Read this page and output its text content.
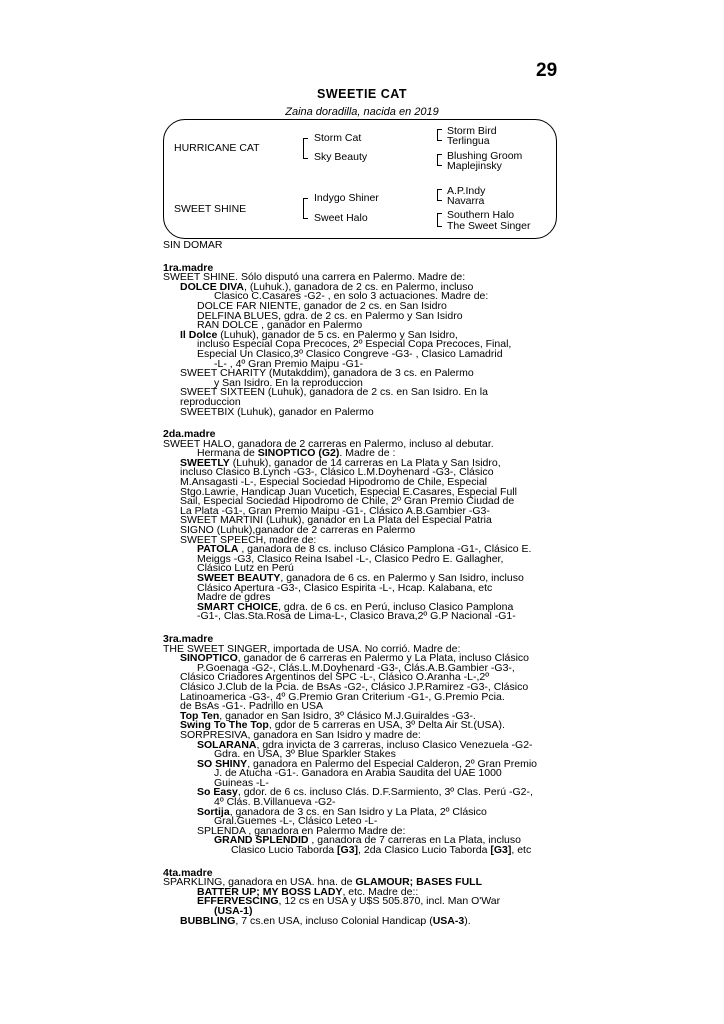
29
SWEETIE CAT
Zaina doradilla, nacida en 2019
HURRICANE CAT
SWEET SHINE
Storm Cat
Sky Beauty
Indygo Shiner
Sweet Halo
Storm Bird
Terlingua
Blushing Groom
Maplejinsky
A.P.Indy
Navarra
Southern Halo
The Sweet Singer
SIN DOMAR
1ra.madre
SWEET SHINE. Sólo disputó una carrera en Palermo. Madre de:
DOLCE DIVA, (Luhuk.), ganadora de 2 cs. en Palermo, incluso
Clasico C.Casares -G2- , en solo 3 actuaciones. Madre de:
DOLCE FAR NIENTE, ganador de 2 cs. en San Isidro
DELFINA BLUES, gdra. de 2 cs. en Palermo y San Isidro
RAN DOLCE , ganador en Palermo
Il Dolce (Luhuk), ganador de 5 cs. en Palermo y San Isidro,
incluso Especial Copa Precoces, 2º Especial Copa Precoces, Final,
Especial Un Clasico,3º Clasico Congreve -G3- , Clasico Lamadrid
-L- , 4º Gran Premio Maipu -G1-
SWEET CHARITY (Mutakddim), ganadora de 3 cs. en Palermo
y San Isidro. En la reproduccion
SWEET SIXTEEN (Luhuk), ganadora de 2 cs. en San Isidro. En la
reproduccion
SWEETBIX (Luhuk), ganador en Palermo
2da.madre
SWEET HALO, ganadora de 2 carreras en Palermo, incluso al debutar.
Hermana de SINOPTICO (G2). Madre de :
SWEETLY (Luhuk), ganador de 14 carreras en La Plata y San Isidro,
incluso Clasico B.Lynch -G3-, Clásico L.M.Doyhenard -G3-, Clásico
M.Ansagasti -L-, Especial Sociedad Hipodromo de Chile, Especial
Stgo.Lawrie, Handicap Juan Vucetich, Especial E.Casares, Especial Full
Sail, Especial Sociedad Hipodromo de Chile, 2º Gran Premio Ciudad de
La Plata -G1-, Gran Premio Maipu -G1-, Clásico A.B.Gambier -G3-
SWEET MARTINI (Luhuk), ganador en La Plata del Especial Patria
SIGNO (Luhuk),ganador de 2 carreras en Palermo
SWEET SPEECH, madre de:
PATOLA , ganadora de 8 cs. incluso Clásico Pamplona -G1-, Clásico E.
Meiggs -G3, Clasico Reina Isabel -L-, Clasico Pedro E. Gallagher,
Clásico Lutz en Perú
SWEET BEAUTY, ganadora de 6 cs. en Palermo y San Isidro, incluso
Clásico Apertura -G3-, Clasico Espirita -L-, Hcap. Kalabana, etc
Madre de gdres
SMART CHOICE, gdra. de 6 cs. en Perú, incluso Clasico Pamplona
-G1-, Clas.Sta.Rosa de Lima-L-, Clasico Brava,2º G.P Nacional -G1-
3ra.madre
THE SWEET SINGER, importada de USA. No corrió. Madre de:
SINOPTICO, ganador de 6 carreras en Palermo y La Plata, incluso Clásico
P.Goenaga -G2-, Clás.L.M.Doyhenard -G3-, Clás.A.B.Gambier -G3-,
Clásico Criadores Argentinos del SPC -L-, Clásico O.Aranha -L-,2º
Clásico J.Club de la Pcia. de BsAs -G2-, Clásico J.P.Ramirez -G3-, Clásico
Latinoamerica -G3-, 4º G.Premio Gran Criterium -G1-, G.Premio Pcia.
de BsAs -G1-. Padrillo en USA
Top Ten, ganador en San Isidro, 3º Clásico M.J.Guiraldes -G3-.
Swing To The Top, gdor de 5 carreras en USA, 3º Delta Air St.(USA).
SORPRESIVA, ganadora en San Isidro y madre de:
SOLARANA, gdra invicta de 3 carreras, incluso Clasico Venezuela -G2-
Gdra. en USA, 3º Blue Sparkler Stakes
SO SHINY, ganadora en Palermo del Especial Calderon, 2º Gran Premio
J. de Atucha -G1-. Ganadora en Arabia Saudita del UAE 1000
Guineas -L-
So Easy, gdor. de 6 cs. incluso Clás. D.F.Sarmiento, 3º Clas. Perú -G2-,
4º Clás. B.Villanueva -G2-
Sortija, ganadora de 3 cs. en San Isidro y La Plata, 2º Clásico
Gral.Guemes -L-, Clásico Leteo -L-
SPLENDA , ganadora en Palermo Madre de:
GRAND SPLENDID , ganadora de 7 carreras en La Plata, incluso
Clasico Lucio Taborda [G3], 2da Clasico Lucio Taborda [G3], etc
4ta.madre
SPARKLING, ganadora en USA. hna. de GLAMOUR; BASES FULL
BATTER UP; MY BOSS LADY, etc. Madre de::
EFFERVESCING, 12 cs en USA y U$S 505.870, incl. Man O'War
(USA-1)
BUBBLING, 7 cs.en USA, incluso Colonial Handicap (USA-3).
